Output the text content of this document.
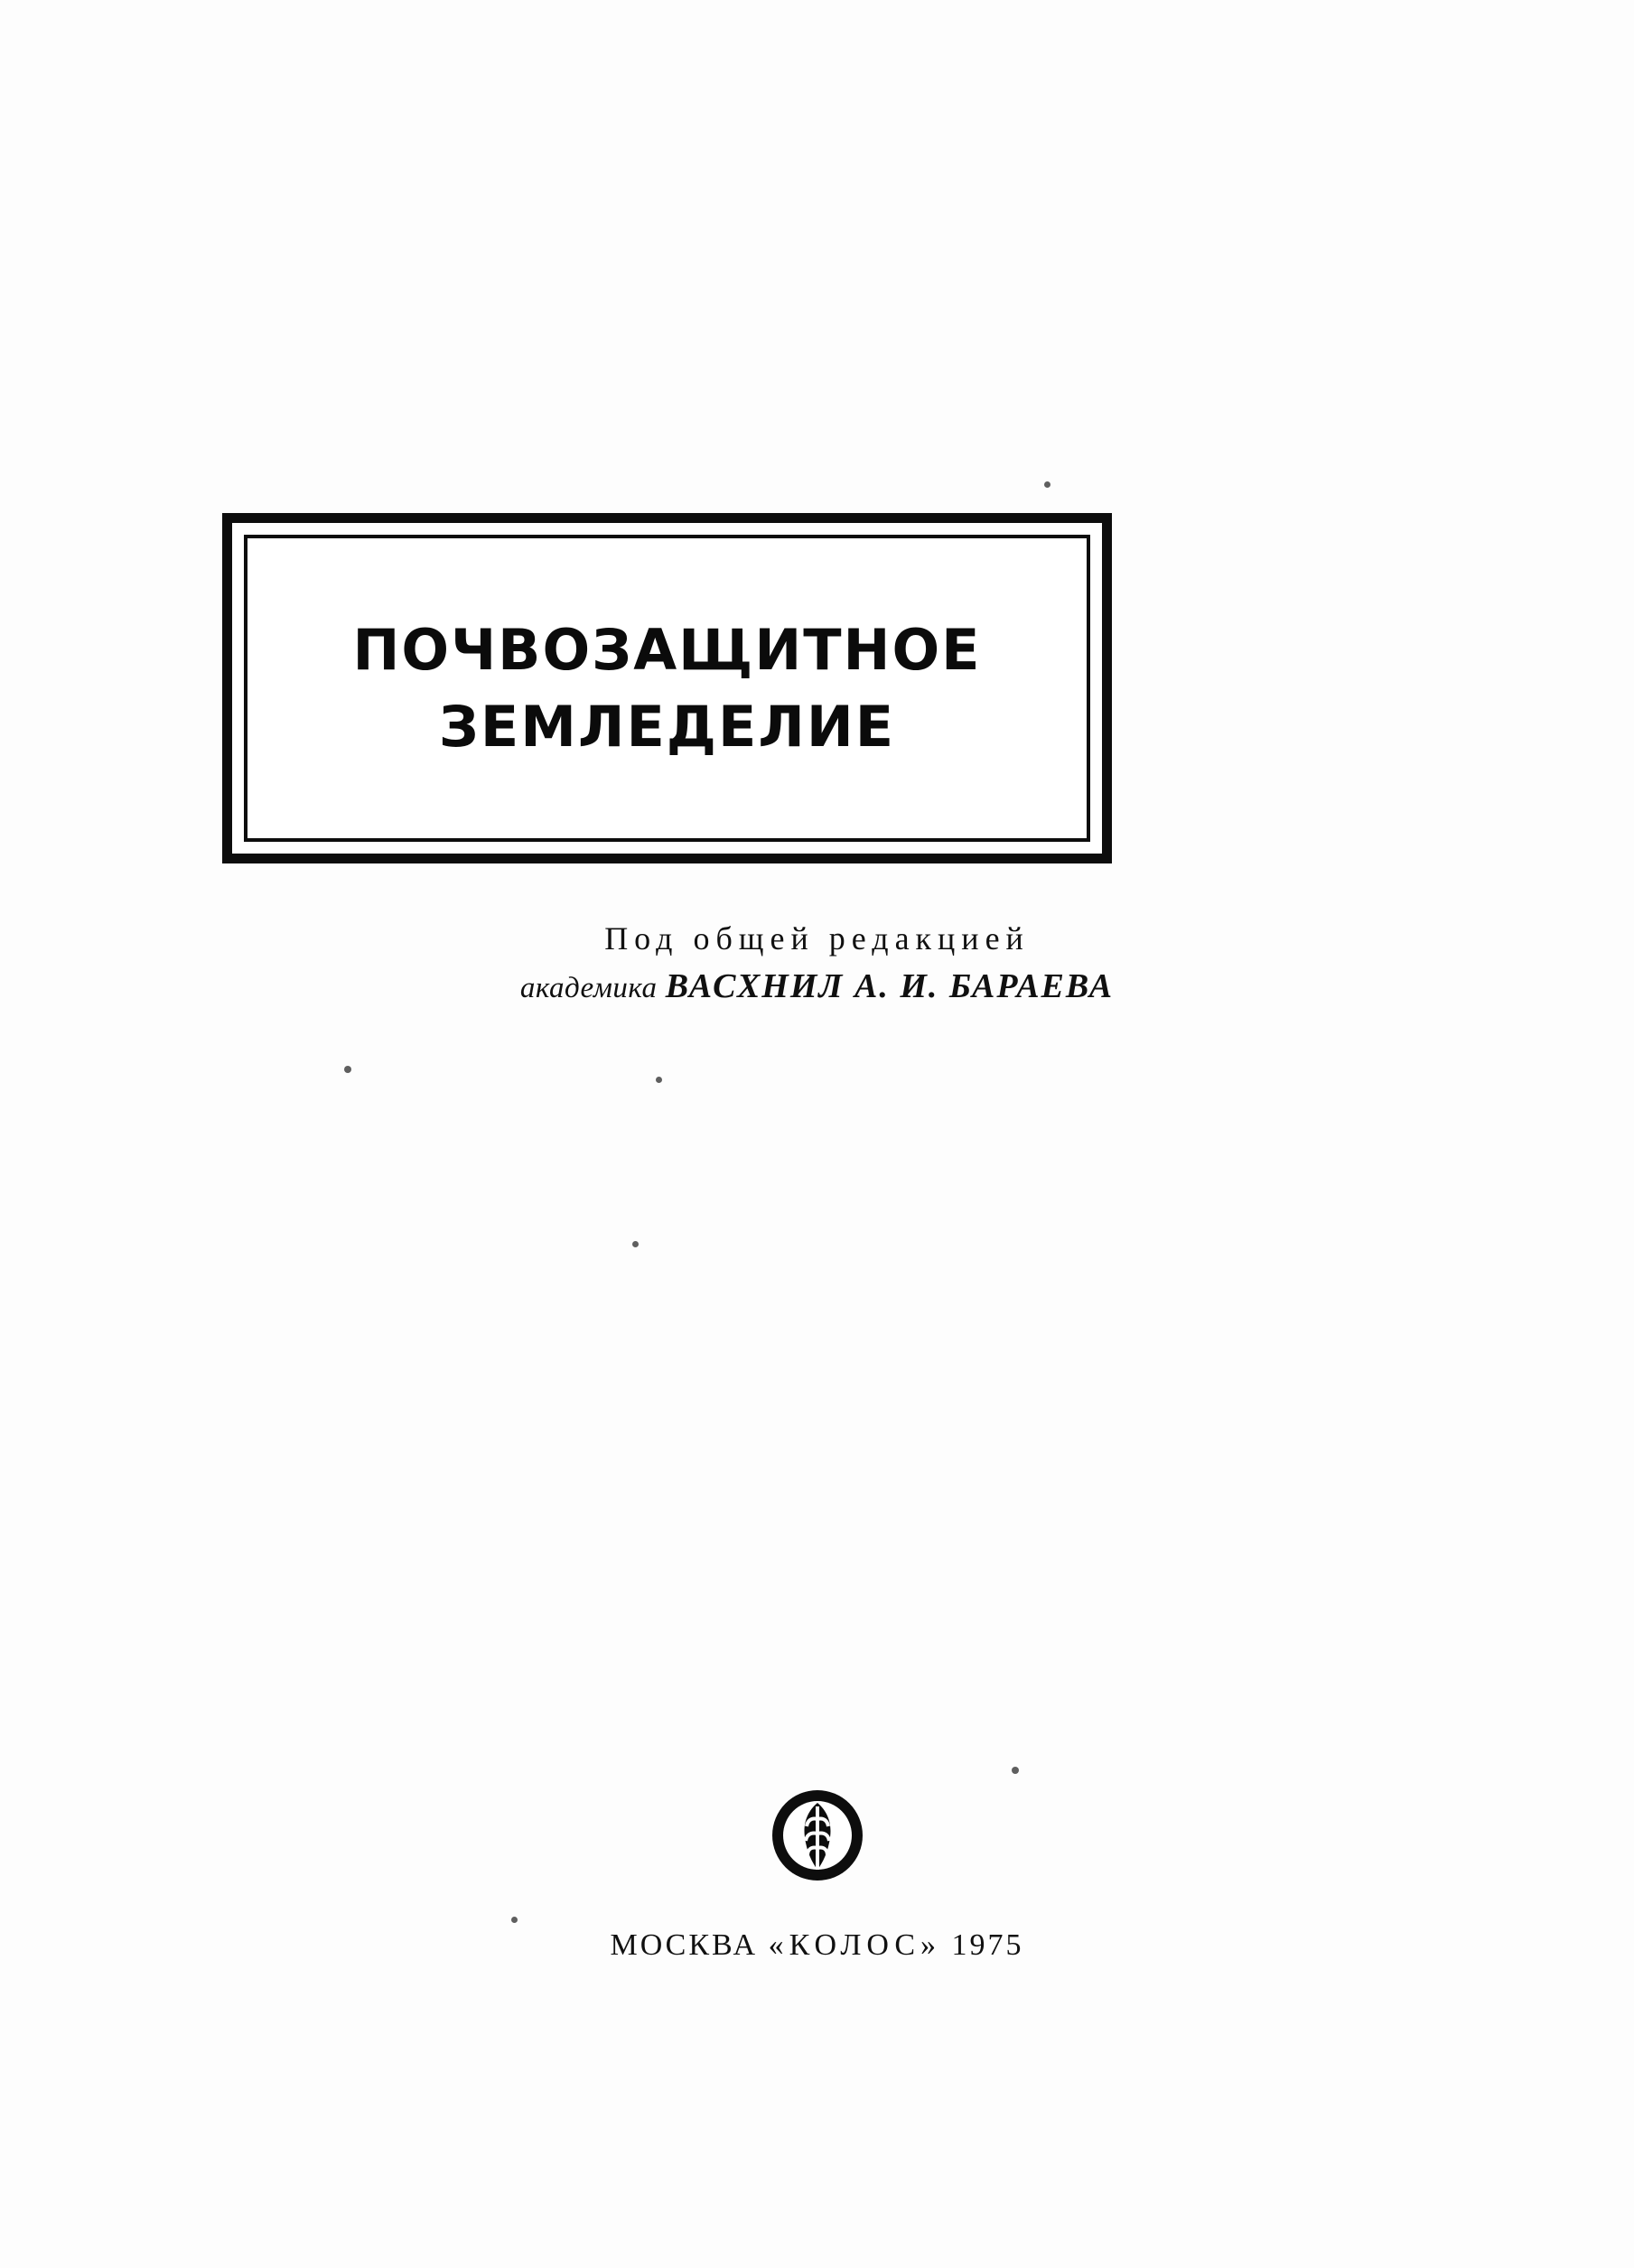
ПОЧВОЗАЩИТНОЕ
ЗЕМЛЕДЕЛИЕ
Под общей редакцией
академика ВАСХНИЛ А. И. БАРАЕВА
МОСКВА «КОЛОС» 1975
